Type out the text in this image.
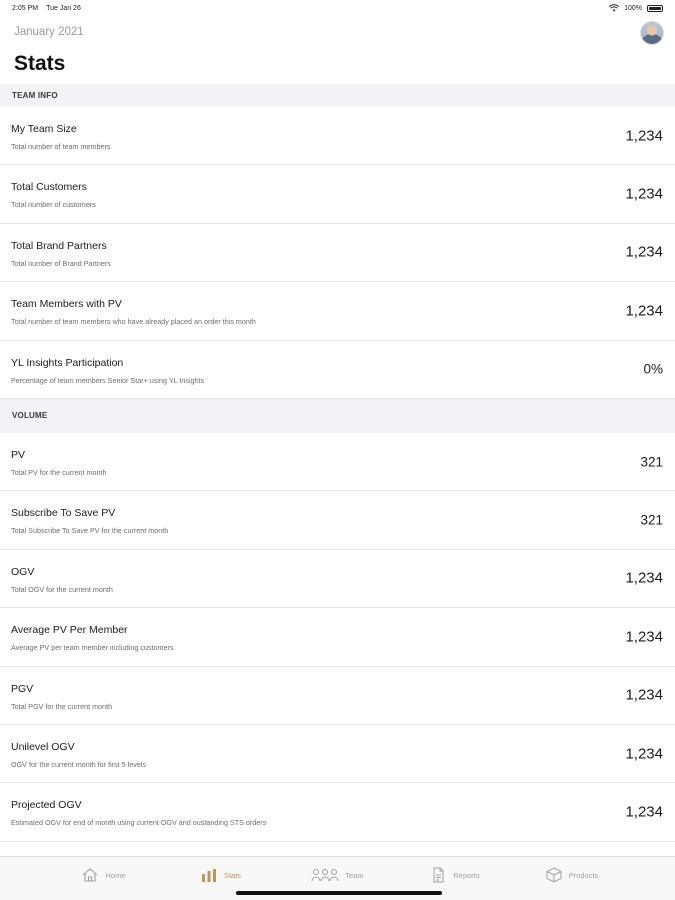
2:05 PM Tue Jan 26	100%
January 2021
Stats
TEAM INFO
My Team Size
Total number of team members
1,234
Total Customers
Total number of customers
1,234
Total Brand Partners
Total number of Brand Partners
1,234
Team Members with PV
Total number of team members who have already placed an order this month
1,234
YL Insights Participation
Percentage of team members Senior Star+ using YL Insights
0%
VOLUME
PV
Total PV for the current month
321
Subscribe To Save PV
Total Subscribe To Save PV for the current month
321
OGV
Total OGV for the current month
1,234
Average PV Per Member
Average PV per team member including customers
1,234
PGV
Total PGV for the current month
1,234
Unilevel OGV
OGV for the current month for first 5 levels
1,234
Projected OGV
Estimated OGV for end of month using current OGV and oustanding STS orders
1,234
Home	Stats	Team	Reports	Products
